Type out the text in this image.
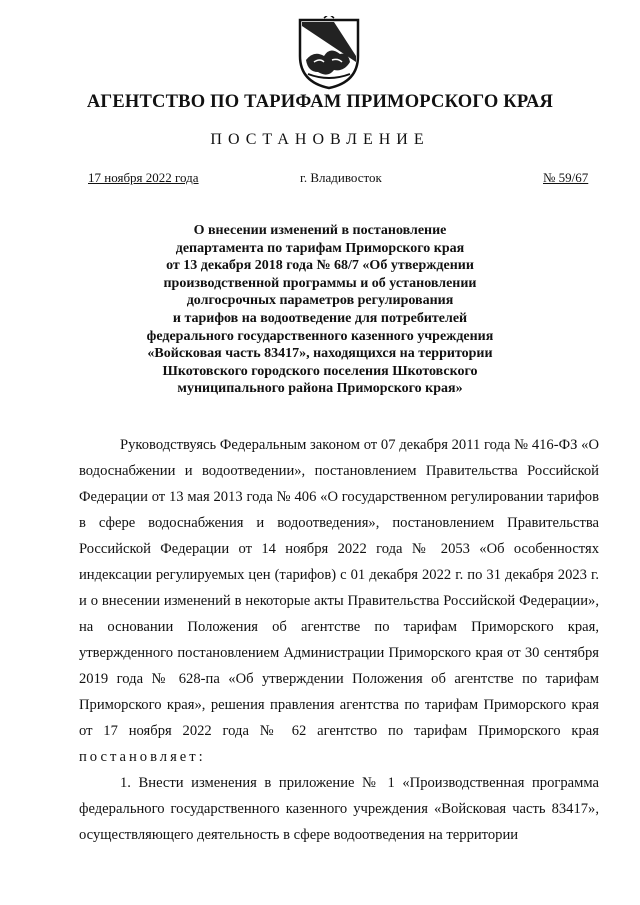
АГЕНТСТВО ПО ТАРИФАМ ПРИМОРСКОГО КРАЯ
ПОСТАНОВЛЕНИЕ
17 ноября 2022 года	г. Владивосток	№ 59/67
О внесении изменений в постановление
департамента по тарифам Приморского края
от 13 декабря 2018 года № 68/7 «Об утверждении
производственной программы и об установлении
долгосрочных параметров регулирования
и тарифов на водоотведение для потребителей
федерального государственного казенного учреждения
«Войсковая часть 83417», находящихся на территории
Шкотовского городского поселения Шкотовского
муниципального района Приморского края»

Руководствуясь Федеральным законом от 07 декабря 2011 года № 416-ФЗ «О водоснабжении и водоотведении», постановлением Правительства Российской Федерации от 13 мая 2013 года № 406 «О государственном регулировании тарифов в сфере водоснабжения и водоотведения», постановлением Правительства Российской Федерации от 14 ноября 2022 года № 2053 «Об особенностях индексации регулируемых цен (тарифов) с 01 декабря 2022 г. по 31 декабря 2023 г. и о внесении изменений в некоторые акты Правительства Российской Федерации», на основании Положения об агентстве по тарифам Приморского края, утвержденного постановлением Администрации Приморского края от 30 сентября 2019 года № 628-па «Об утверждении Положения об агентстве по тарифам Приморского края», решения правления агентства по тарифам Приморского края от 17 ноября 2022 года № 62 агентство по тарифам Приморского края постановляет:

1. Внести изменения в приложение № 1 «Производственная программа федерального государственного казенного учреждения «Войсковая часть 83417», осуществляющего деятельность в сфере водоотведения на территории
